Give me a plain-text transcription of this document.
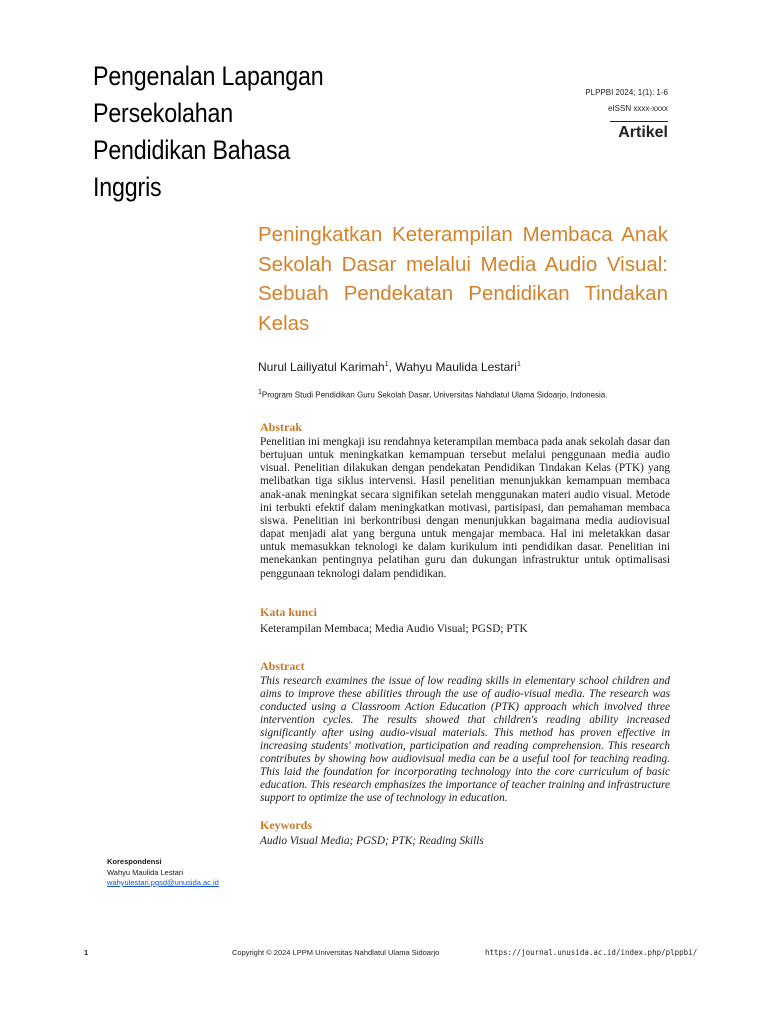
Pengenalan Lapangan
Persekolahan
Pendidikan Bahasa
Inggris
PLPPBI 2024; 1(1): 1-6
eISSN xxxx-xxxx
Artikel
Peningkatkan Keterampilan Membaca Anak Sekolah Dasar melalui Media Audio Visual: Sebuah Pendekatan Pendidikan Tindakan Kelas
Nurul Lailiyatul Karimah$^1$, Wahyu Maulida Lestari$^1$
$^1$Program Studi Pendidikan Guru Sekolah Dasar, Universitas Nahdlatul Ulama Sidoarjo, Indonesia.
Abstrak
Penelitian ini mengkaji isu rendahnya keterampilan membaca pada anak sekolah dasar dan bertujuan untuk meningkatkan kemampuan tersebut melalui penggunaan media audio visual. Penelitian dilakukan dengan pendekatan Pendidikan Tindakan Kelas (PTK) yang melibatkan tiga siklus intervensi. Hasil penelitian menunjukkan kemampuan membaca anak-anak meningkat secara signifikan setelah menggunakan materi audio visual. Metode ini terbukti efektif dalam meningkatkan motivasi, partisipasi, dan pemahaman membaca siswa. Penelitian ini berkontribusi dengan menunjukkan bagaimana media audiovisual dapat menjadi alat yang berguna untuk mengajar membaca. Hal ini meletakkan dasar untuk memasukkan teknologi ke dalam kurikulum inti pendidikan dasar. Penelitian ini menekankan pentingnya pelatihan guru dan dukungan infrastruktur untuk optimalisasi penggunaan teknologi dalam pendidikan.
Kata kunci
Keterampilan Membaca; Media Audio Visual; PGSD; PTK
Abstract
This research examines the issue of low reading skills in elementary school children and aims to improve these abilities through the use of audio-visual media. The research was conducted using a Classroom Action Education (PTK) approach which involved three intervention cycles. The results showed that children's reading ability increased significantly after using audio-visual materials. This method has proven effective in increasing students' motivation, participation and reading comprehension. This research contributes by showing how audiovisual media can be a useful tool for teaching reading. This laid the foundation for incorporating technology into the core curriculum of basic education. This research emphasizes the importance of teacher training and infrastructure support to optimize the use of technology in education.
Keywords
Audio Visual Media; PGSD; PTK; Reading Skills
Korespondensi
Wahyu Maulida Lestari
wahyulestari.pgsd@unusida.ac.id
1	Copyright © 2024 LPPM Universitas Nahdlatul Ulama Sidoarjo	https://journal.unusida.ac.id/index.php/plppbi/
